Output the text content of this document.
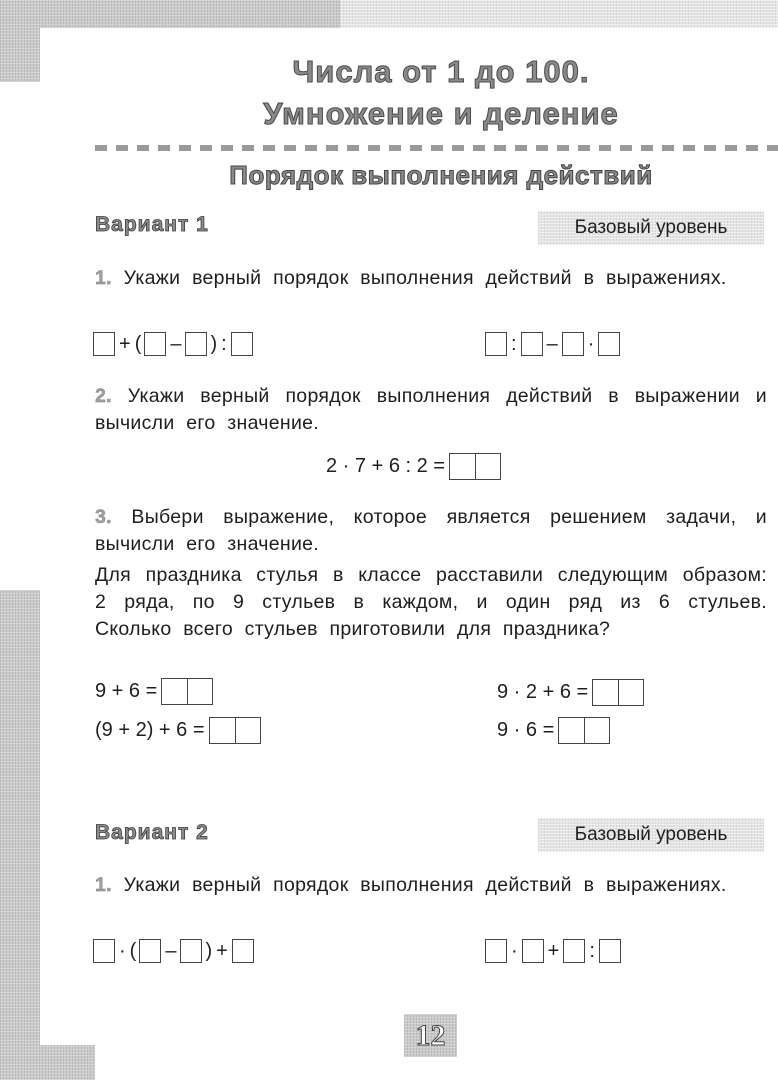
Числа от 1 до 100.
Умножение и деление
Порядок выполнения действий
Вариант 1	Базовый уровень
1. Укажи верный порядок выполнения действий в выражениях.
+ ( – ) :	: – ·
2. Укажи верный порядок выполнения действий в выражении и вычисли его значение.
2 · 7 + 6 : 2 =
3. Выбери выражение, которое является решением задачи, и вычисли его значение.
Для праздника стулья в классе расставили следующим образом: 2 ряда, по 9 стульев в каждом, и один ряд из 6 стульев. Сколько всего стульев приготовили для праздника?
9 + 6 =	9 · 2 + 6 =
(9 + 2) + 6 =	9 · 6 =
Вариант 2	Базовый уровень
1. Укажи верный порядок выполнения действий в выражениях.
· ( – ) +	· + :
12
